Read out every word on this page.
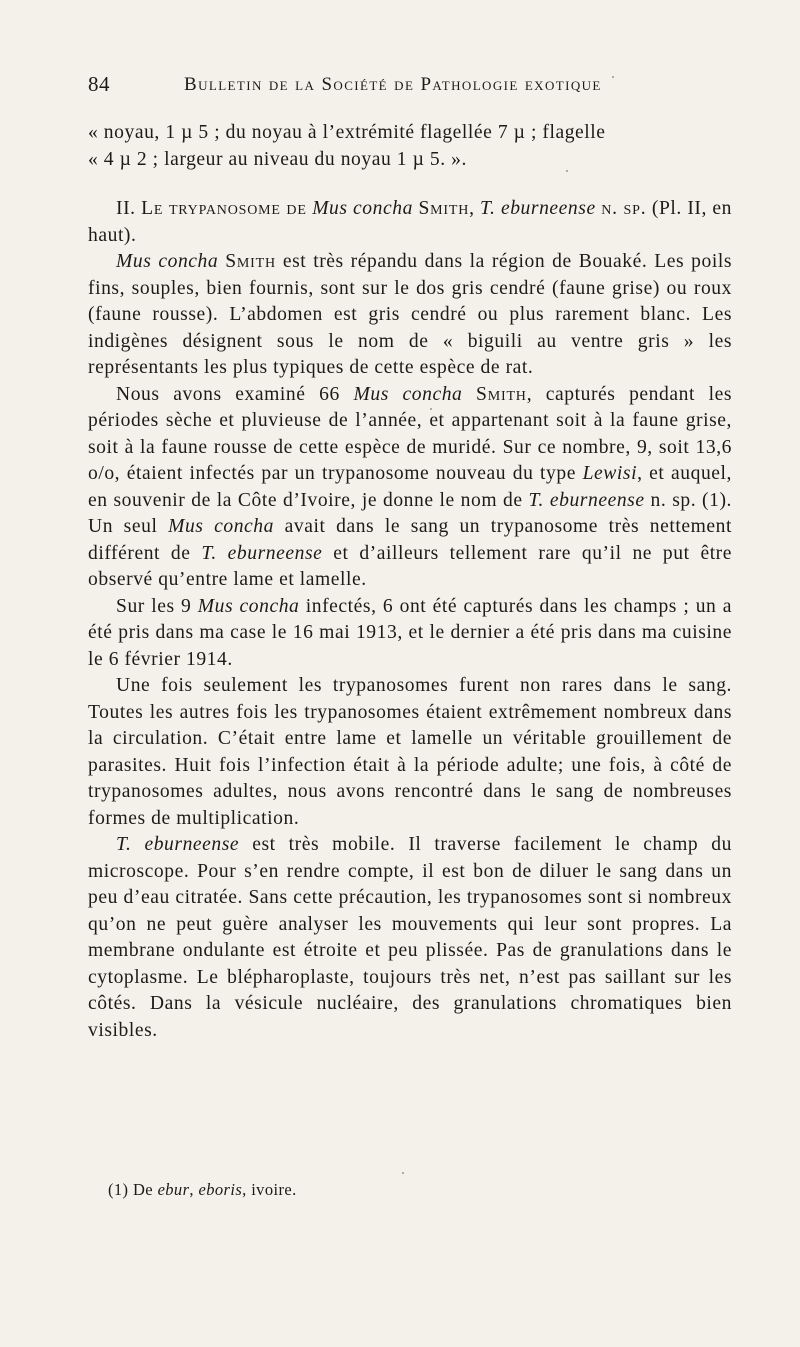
84	Bulletin de la Société de Pathologie exotique

« noyau, 1 µ 5 ; du noyau à l’extrémité flagellée 7 µ ; flagelle

« 4 µ 2 ; largeur au niveau du noyau 1 µ 5. ».

II. Le trypanosome de Mus concha Smith, T. eburneense n. sp. (Pl. II, en haut).

Mus concha Smith est très répandu dans la région de Bouaké. Les poils fins, souples, bien fournis, sont sur le dos gris cendré (faune grise) ou roux (faune rousse). L’abdomen est gris cendré ou plus rarement blanc. Les indigènes désignent sous le nom de « biguili au ventre gris » les représentants les plus typiques de cette espèce de rat.

Nous avons examiné 66 Mus concha Smith, capturés pendant les périodes sèche et pluvieuse de l’année, et appartenant soit à la faune grise, soit à la faune rousse de cette espèce de muridé. Sur ce nombre, 9, soit 13,6 o/o, étaient infectés par un trypanosome nouveau du type Lewisi, et auquel, en souvenir de la Côte d’Ivoire, je donne le nom de T. eburneense n. sp. (1). Un seul Mus concha avait dans le sang un trypanosome très nettement différent de T. eburneense et d’ailleurs tellement rare qu’il ne put être observé qu’entre lame et lamelle.

Sur les 9 Mus concha infectés, 6 ont été capturés dans les champs ; un a été pris dans ma case le 16 mai 1913, et le dernier a été pris dans ma cuisine le 6 février 1914.

Une fois seulement les trypanosomes furent non rares dans le sang. Toutes les autres fois les trypanosomes étaient extrêmement nombreux dans la circulation. C’était entre lame et lamelle un véritable grouillement de parasites. Huit fois l’infection était à la période adulte; une fois, à côté de trypanosomes adultes, nous avons rencontré dans le sang de nombreuses formes de multiplication.

T. eburneense est très mobile. Il traverse facilement le champ du microscope. Pour s’en rendre compte, il est bon de diluer le sang dans un peu d’eau citratée. Sans cette précaution, les trypanosomes sont si nombreux qu’on ne peut guère analyser les mouvements qui leur sont propres. La membrane ondulante est étroite et peu plissée. Pas de granulations dans le cytoplasme. Le blépharoplaste, toujours très net, n’est pas saillant sur les côtés. Dans la vésicule nucléaire, des granulations chromatiques bien visibles.

(1) De ebur, eboris, ivoire.
